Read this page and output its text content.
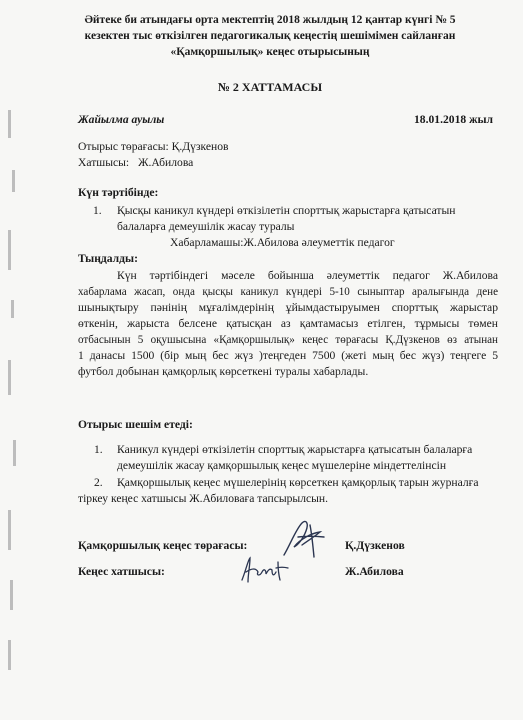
Әйтеке би атындағы орта мектептің 2018 жылдың 12 қантар күнгі № 5
кезектен тыс өткізілген педагогикалық кеңестің шешімімен сайланған
«Қамқоршылық» кеңес отырысының
№ 2 ХАТТАМАСЫ
Жайылма ауылы	18.01.2018 жыл
Отырыс төрағасы: Қ.Дүзкенов
Хатшысы: Ж.Абилова
Күн тәртібінде:
1. Қысқы каникул күндері өткізілетін спорттық жарыстарға қатысатын
балаларға демеушілік жасау туралы
Хабарламашы:Ж.Абилова әлеуметтік педагог
Тыңдалды:
Күн тәртібіндегі мәселе бойынша әлеуметтік педагог Ж.Абилова
хабарлама жасап, онда қысқы каникул күндері 5-10 сыныптар аралығында дене
шынықтыру пәнінің мұғалімдерінің ұйымдастыруымен спорттық жарыстар
өткенін, жарыста белсене қатысқан аз қамтамасыз етілген, тұрмысы төмен
отбасынын 5 оқушысына «Қамқоршылық» кеңес төрағасы Қ.Дүзкенов өз атынан
1 данасы 1500 (бір мың бес жүз )теңгеден 7500 (жеті мың бес жүз) теңгеге 5
футбол добынан қамқорлық көрсеткені туралы хабарлады.
Отырыс шешім етеді:
1. Каникул күндері өткізілетін спорттық жарыстарға қатысатын балаларға
демеушілік жасау қамқоршылық кеңес мүшелеріне міндеттелінсін
2. Қамқоршылық кеңес мүшелерінің көрсеткен қамқорлық тарын журналға
тіркеу кеңес хатшысы Ж.Абиловаға тапсырылсын.
Қамқоршылық кеңес төрағасы:	Қ.Дүзкенов
Кеңес хатшысы:	Ж.Абилова
